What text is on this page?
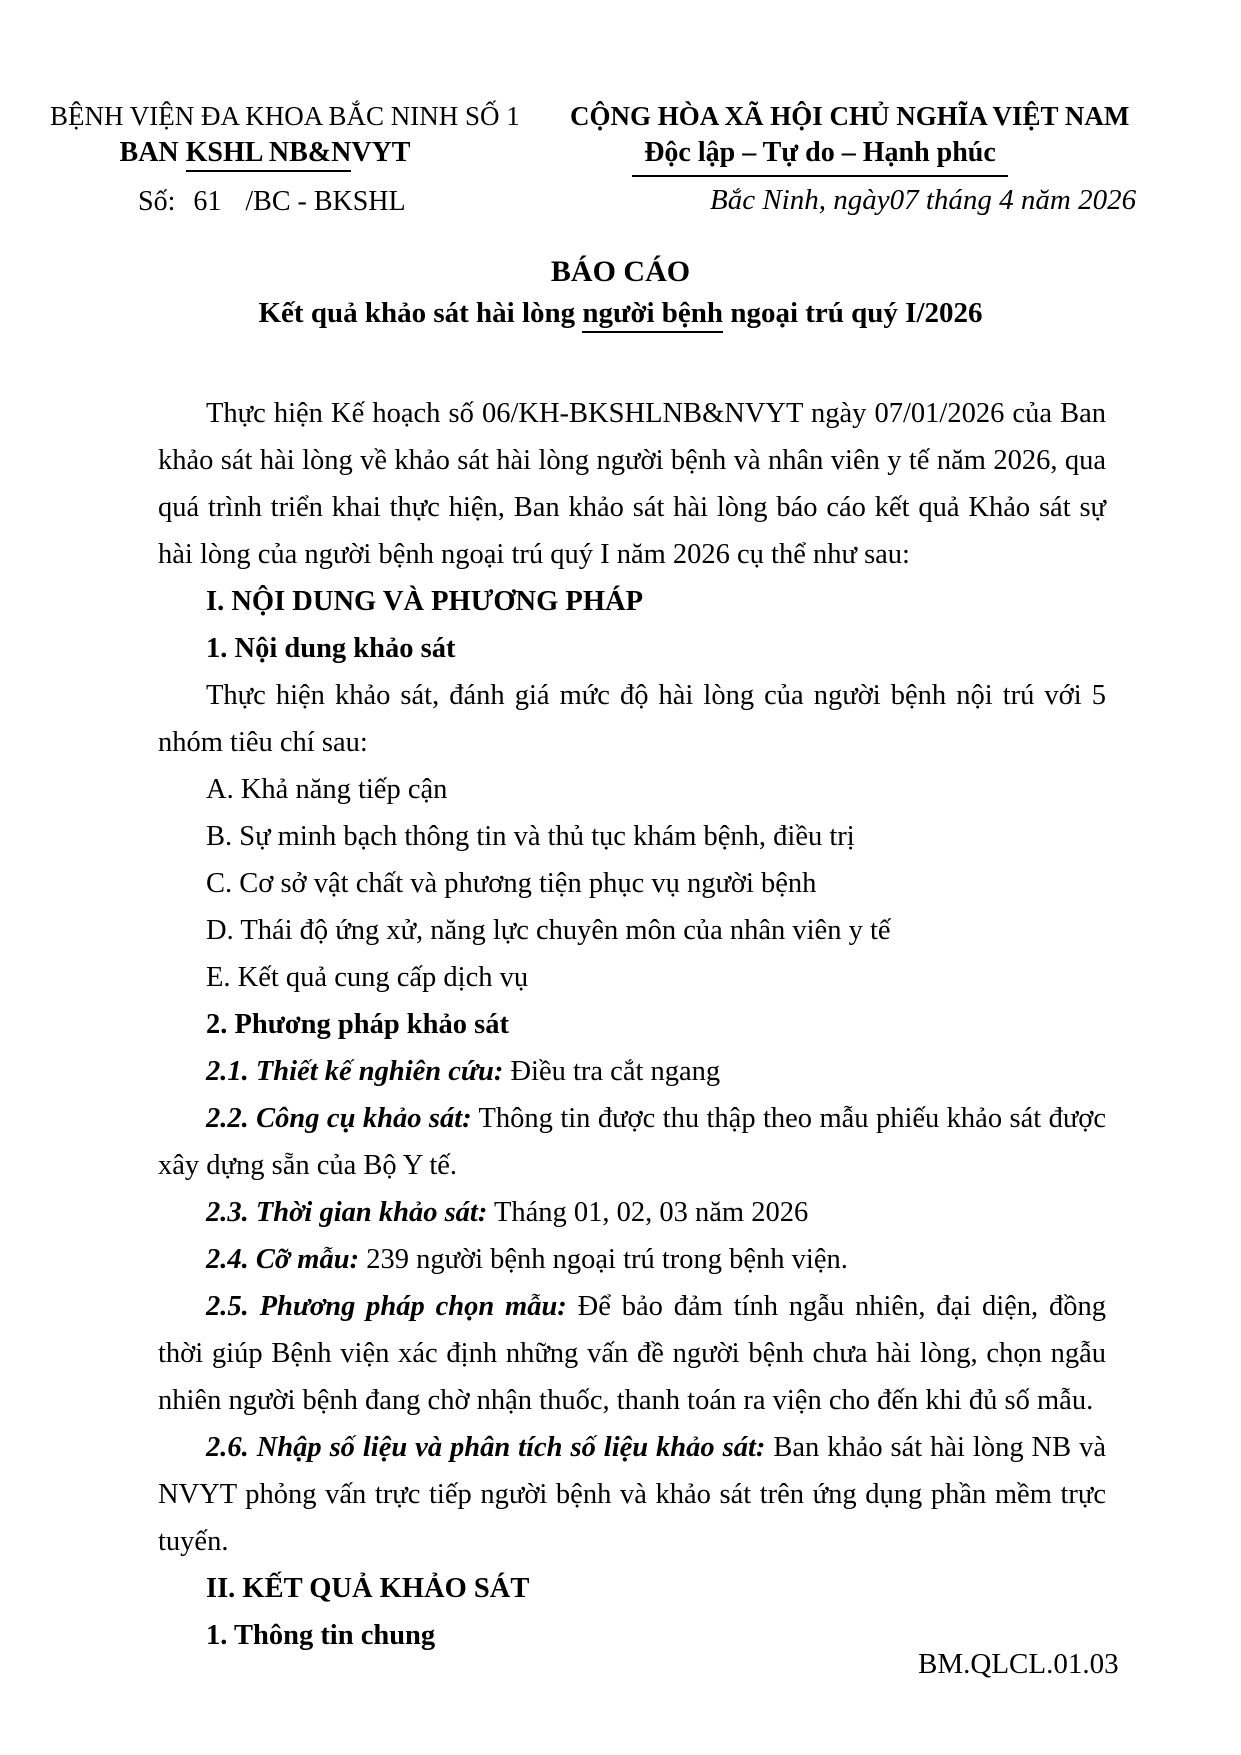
BỆNH VIỆN ĐA KHOA BẮC NINH SỐ 1
BAN KSHL NB&NVYT
CỘNG HÒA XÃ HỘI CHỦ NGHĨA VIỆT NAM
Độc lập – Tự do – Hạnh phúc
Số: 61 /BC - BKSHL	Bắc Ninh, ngày07 tháng 4 năm 2026
BÁO CÁO
Kết quả khảo sát hài lòng người bệnh ngoại trú quý I/2026

Thực hiện Kế hoạch số 06/KH-BKSHLNB&NVYT ngày 07/01/2026 của Ban khảo sát hài lòng về khảo sát hài lòng người bệnh và nhân viên y tế năm 2026, qua quá trình triển khai thực hiện, Ban khảo sát hài lòng báo cáo kết quả Khảo sát sự hài lòng của người bệnh ngoại trú quý I năm 2026 cụ thể như sau:

I. NỘI DUNG VÀ PHƯƠNG PHÁP

1. Nội dung khảo sát

Thực hiện khảo sát, đánh giá mức độ hài lòng của người bệnh nội trú với 5 nhóm tiêu chí sau:

A. Khả năng tiếp cận

B. Sự minh bạch thông tin và thủ tục khám bệnh, điều trị

C. Cơ sở vật chất và phương tiện phục vụ người bệnh

D. Thái độ ứng xử, năng lực chuyên môn của nhân viên y tế

E. Kết quả cung cấp dịch vụ

2. Phương pháp khảo sát

2.1. Thiết kế nghiên cứu: Điều tra cắt ngang

2.2. Công cụ khảo sát: Thông tin được thu thập theo mẫu phiếu khảo sát được xây dựng sẵn của Bộ Y tế.

2.3. Thời gian khảo sát: Tháng 01, 02, 03 năm 2026

2.4. Cỡ mẫu: 239 người bệnh ngoại trú trong bệnh viện.

2.5. Phương pháp chọn mẫu: Để bảo đảm tính ngẫu nhiên, đại diện, đồng thời giúp Bệnh viện xác định những vấn đề người bệnh chưa hài lòng, chọn ngẫu nhiên người bệnh đang chờ nhận thuốc, thanh toán ra viện cho đến khi đủ số mẫu.

2.6. Nhập số liệu và phân tích số liệu khảo sát: Ban khảo sát hài lòng NB và NVYT phỏng vấn trực tiếp người bệnh và khảo sát trên ứng dụng phần mềm trực tuyến.

II. KẾT QUẢ KHẢO SÁT

1. Thông tin chung

BM.QLCL.01.03
